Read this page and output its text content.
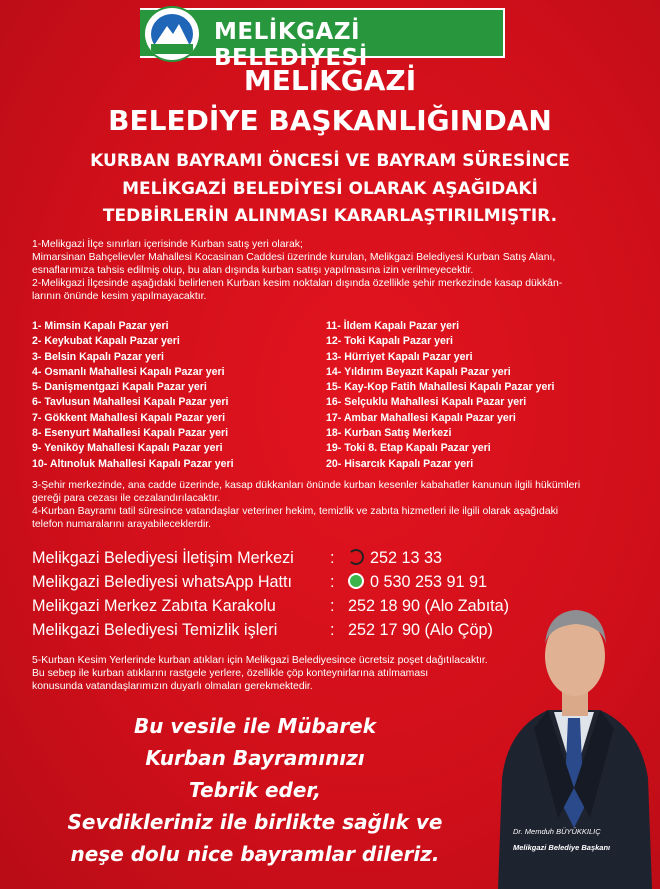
MELİKGAZİ BELEDİYESİ
MELİKGAZİ
BELEDİYE BAŞKANLIĞINDAN
KURBAN BAYRAMI ÖNCESİ VE BAYRAM SÜRESİNCE
MELİKGAZİ BELEDİYESİ OLARAK AŞAĞIDAKİ
TEDBİRLERİN ALINMASI KARARLAŞTIRILMIŞTIR.
1-Melikgazi İlçe sınırları içerisinde Kurban satış yeri olarak;
Mimarsinan Bahçelievler Mahallesi Kocasinan Caddesi üzerinde kurulan, Melikgazi Belediyesi Kurban Satış Alanı,
esnaflarımıza tahsis edilmiş olup, bu alan dışında kurban satışı yapılmasına izin verilmeyecektir.
2-Melikgazi İlçesinde aşağıdaki belirlenen Kurban kesim noktaları dışında özellikle şehir merkezinde kasap dükkân-
larının önünde kesim yapılmayacaktır.
1- Mimsin Kapalı Pazar yeri
2- Keykubat Kapalı Pazar yeri
3- Belsin Kapalı Pazar yeri
4- Osmanlı Mahallesi Kapalı Pazar yeri
5- Danişmentgazi Kapalı Pazar yeri
6- Tavlusun Mahallesi Kapalı Pazar yeri
7- Gökkent Mahallesi Kapalı Pazar yeri
8- Esenyurt Mahallesi Kapalı Pazar yeri
9- Yeniköy Mahallesi Kapalı Pazar yeri
10- Altınoluk Mahallesi Kapalı Pazar yeri
11- İldem Kapalı Pazar yeri
12- Toki Kapalı Pazar yeri
13- Hürriyet Kapalı Pazar yeri
14- Yıldırım Beyazıt Kapalı Pazar yeri
15- Kay-Kop Fatih Mahallesi Kapalı Pazar yeri
16- Selçuklu Mahallesi Kapalı Pazar yeri
17- Ambar Mahallesi Kapalı Pazar yeri
18- Kurban Satış Merkezi
19- Toki 8. Etap Kapalı Pazar yeri
20- Hisarcık Kapalı Pazar yeri
3-Şehir merkezinde, ana cadde üzerinde, kasap dükkanları önünde kurban kesenler kabahatler kanunun ilgili hükümleri
gereği para cezası ile cezalandırılacaktır.
4-Kurban Bayramı tatil süresince vatandaşlar veteriner hekim, temizlik ve zabıta hizmetleri ile ilgili olarak aşağıdaki
telefon numaralarını arayabileceklerdir.
Melikgazi Belediyesi İletişim Merkezi :	252 13 33
Melikgazi Belediyesi whatsApp Hattı :	0 530 253 91 91
Melikgazi Merkez Zabıta Karakolu	: 252 18 90 (Alo Zabıta)
Melikgazi Belediyesi Temizlik işleri	: 252 17 90 (Alo Çöp)
5-Kurban Kesim Yerlerinde kurban atıkları için Melikgazi Belediyesince ücretsiz poşet dağıtılacaktır.
Bu sebep ile kurban atıklarını rastgele yerlere, özellikle çöp konteynirlarına atılmaması
konusunda vatandaşlarımızın duyarlı olmaları gerekmektedir.
Bu vesile ile Mübarek
Kurban Bayramınızı
Tebrik eder,
Sevdikleriniz ile birlikte sağlık ve
neşe dolu nice bayramlar dileriz.
Dr. Memduh BÜYÜKKILIÇ
Melikgazi Belediye Başkanı
